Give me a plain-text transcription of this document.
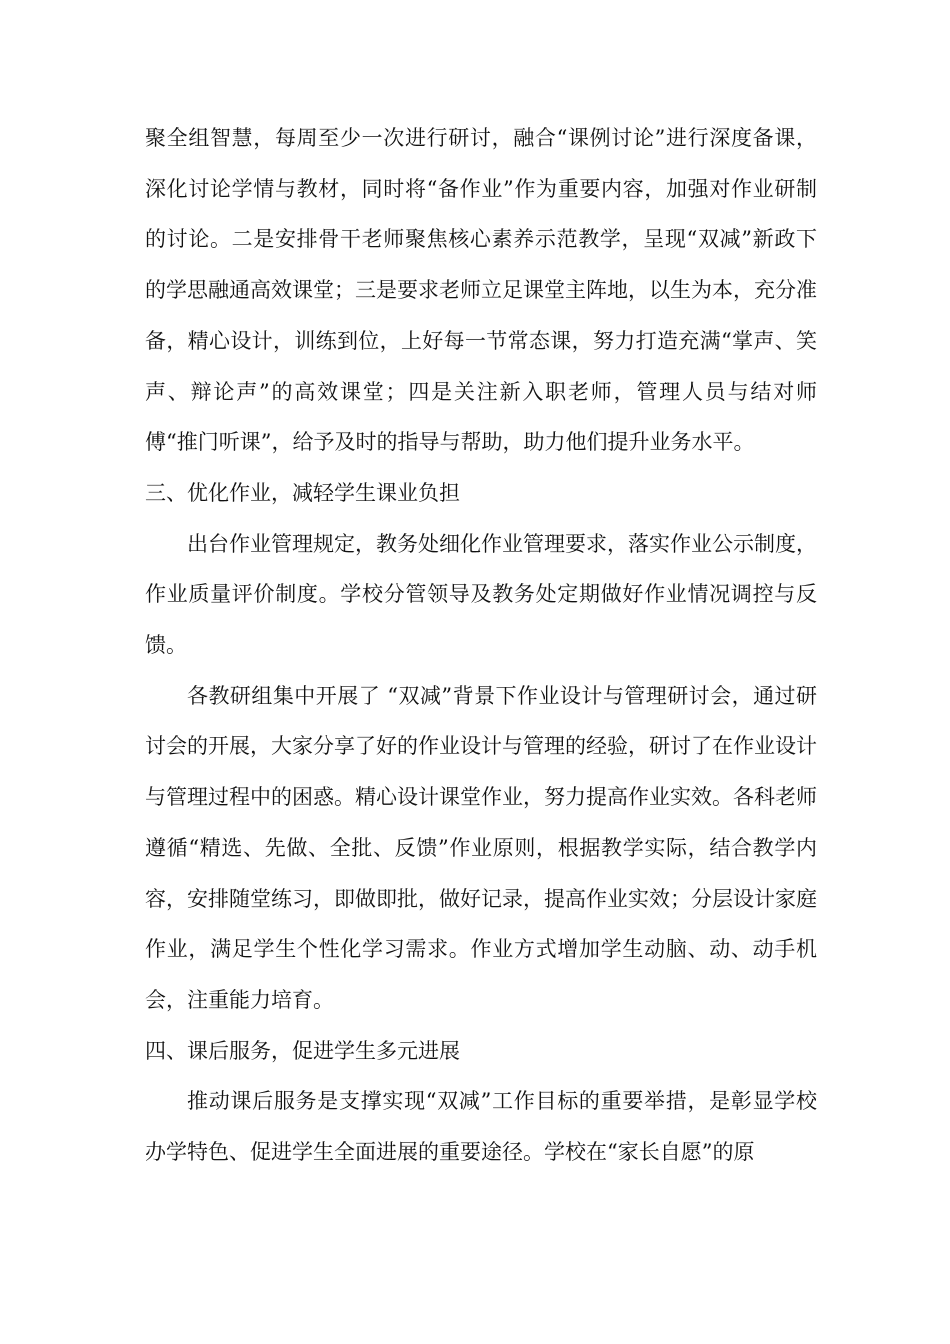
聚全组智慧，每周至少一次进行研讨，融合“课例讨论”进行深度备课，深化讨论学情与教材，同时将“备作业”作为重要内容，加强对作业研制的讨论。二是安排骨干老师聚焦核心素养示范教学，呈现“双减”新政下的学思融通高效课堂；三是要求老师立足课堂主阵地，以生为本，充分准备，精心设计，训练到位，上好每一节常态课，努力打造充满“掌声、笑声、辩论声”的高效课堂；四是关注新入职老师，管理人员与结对师傅“推门听课”，给予及时的指导与帮助，助力他们提升业务水平。

三、优化作业，减轻学生课业负担

出台作业管理规定，教务处细化作业管理要求，落实作业公示制度，作业质量评价制度。学校分管领导及教务处定期做好作业情况调控与反馈。

各教研组集中开展了 “双减”背景下作业设计与管理研讨会，通过研讨会的开展，大家分享了好的作业设计与管理的经验，研讨了在作业设计与管理过程中的困惑。精心设计课堂作业，努力提高作业实效。各科老师遵循“精选、先做、全批、反馈”作业原则，根据教学实际，结合教学内容，安排随堂练习，即做即批，做好记录，提高作业实效；分层设计家庭作业，满足学生个性化学习需求。作业方式增加学生动脑、动、动手机会，注重能力培育。

四、课后服务，促进学生多元进展

推动课后服务是支撑实现“双减”工作目标的重要举措，是彰显学校办学特色、促进学生全面进展的重要途径。学校在“家长自愿”的原
